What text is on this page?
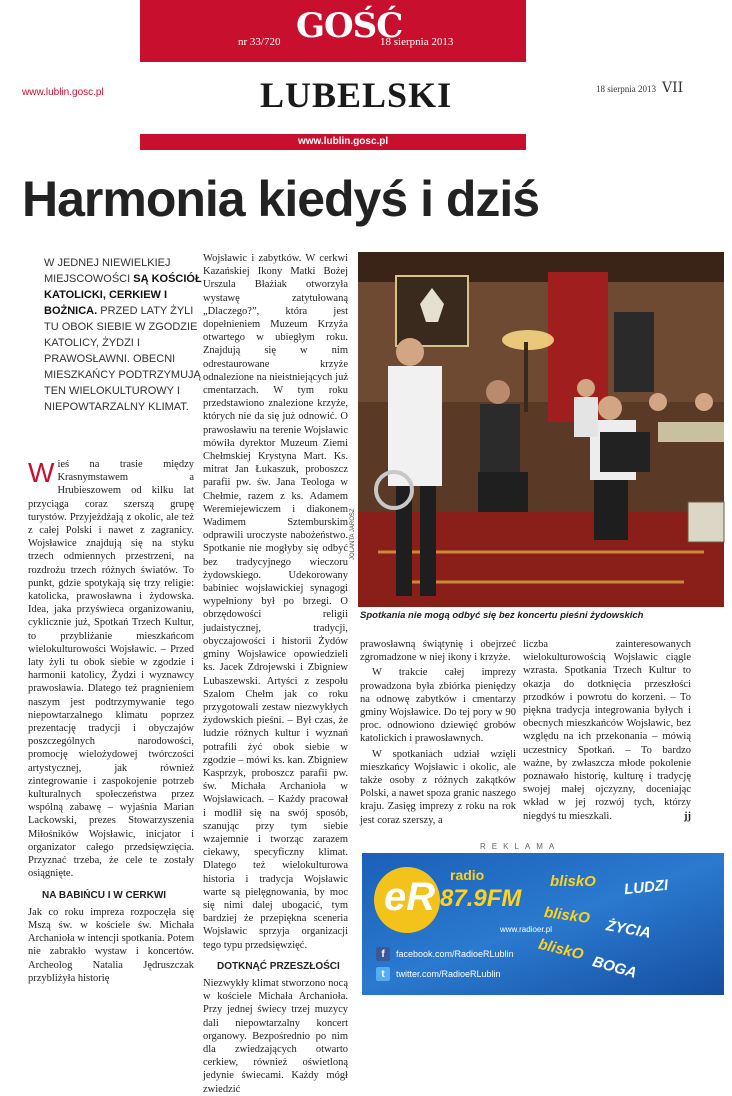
nr 33/720 GOŚĆ
18 sierpnia 2013
LUBELSKI
www.lublin.gosc.pl
www.lublin.gosc.pl	18 sierpnia 2013 VII
Harmonia kiedyś i dziś
W JEDNEJ NIEWIELKIEJ MIEJSCOWOŚCI SĄ KOŚCIÓŁ KATOLICKI, CERKIEW I BOŻNICA. PRZED LATY ŻYLI TU OBOK SIEBIE W ZGODZIE KATOLICY, ŻYDZI I PRAWOSŁAWNI. OBECNI MIESZKAŃCY PODTRZYMUJĄ TEN WIELOKULTUROWY I NIEPOWTARZALNY KLIMAT.

Wieś na trasie między Krasnymstawem a Hrubieszowem od kilku lat przyciąga coraz szerszą grupę turystów. Przyjeżdżają z okolic, ale też z całej Polski i nawet z zagranicy. Wojsławice znajdują się na styku trzech odmiennych przestrzeni, na rozdrożu trzech różnych światów. To punkt, gdzie spotykają się trzy religie: katolicka, prawosławna i żydowska. Idea, jaka przyświeca organizowaniu, cyklicznie już, Spotkań Trzech Kultur, to przybliżanie mieszkańcom wielokulturowości Wojsławic. – Przed laty żyli tu obok siebie w zgodzie i harmonii katolicy, Żydzi i wyznawcy prawosławia. Dlatego też pragnieniem naszym jest podtrzymywanie tego niepowtarzalnego klimatu poprzez prezentację tradycji i obyczajów poszczególnych narodowości, promocję wielożydowej twórczości artystycznej, jak również zintegrowanie i zaspokojenie potrzeb kulturalnych społeczeństwa przez wspólną zabawę – wyjaśnia Marian Lackowski, prezes Stowarzyszenia Miłośników Wojsławic, inicjator i organizator całego przedsięwzięcia. Przyznać trzeba, że cele te zostały osiągnięte.

NA BABIŃCU I W CERKWI

Jak co roku impreza rozpoczęła się Mszą św. w kościele św. Michała Archanioła w intencji spotkania. Potem nie zabrakło wystaw i koncertów. Archeolog Natalia Jędruszczak przybliżyła historię

Wojsławic i zabytków. W cerkwi Kazańskiej Ikony Matki Bożej Urszula Błażiak otworzyła wystawę zatytułowaną „Dlaczego?”, która jest dopełnieniem Muzeum Krzyża otwartego w ubiegłym roku. Znajdują się w nim odrestaurowane krzyże odnalezione na nieistniejących już cmentarzach. W tym roku przedstawiono znalezione krzyże, których nie da się już odnowić. O prawosławiu na terenie Wojsławic mówiła dyrektor Muzeum Ziemi Chełmskiej Krystyna Mart. Ks. mitrat Jan Łukaszuk, proboszcz parafii pw. św. Jana Teologa w Chełmie, razem z ks. Adamem Weremiejewiczem i diakonem Wadimem Sztemburskim odprawili uroczyste nabożeństwo. Spotkanie nie mogłyby się odbyć bez tradycyjnego wieczoru żydowskiego. Udekorowany babiniec wojsławickiej synagogi wypełniony był po brzegi. O obrzędowości religii judaistycznej, tradycji, obyczajowości i historii Żydów gminy Wojsławice opowiedzieli ks. Jacek Zdrojewski i Zbigniew Lubaszewski. Artyści z zespołu Szalom Chełm jak co roku przygotowali zestaw niezwykłych żydowskich pieśni. – Był czas, że ludzie różnych kultur i wyznań potrafili żyć obok siebie w zgodzie – mówi ks. kan. Zbigniew Kasprzyk, proboszcz parafii pw. św. Michała Archanioła w Wojsławicach. – Każdy pracował i modlił się na swój sposób, szanując przy tym siebie wzajemnie i tworząc zarazem ciekawy, specyficzny klimat. Dlatego też wielokulturowa historia i tradycja Wojsławic warte są pielęgnowania, by moc się nimi dalej ubogacić, tym bardziej że przepiękna sceneria Wojsławic sprzyja organizacji tego typu przedsięwzięć.

DOTKNĄĆ PRZESZŁOŚCI

Niezwykły klimat stworzono nocą w kościele Michała Archanioła. Przy jednej świecy trzej muzycy dali niepowtarzalny koncert organowy. Bezpośrednio po nim dla zwiedzających otwarto cerkiew, również oświetloną jedynie świecami. Każdy mógł zwiedzić

JOLANTA JAROSZ
Spotkania nie mogą odbyć się bez koncertu pieśni żydowskich

prawosławną świątynię i obejrzeć zgromadzone w niej ikony i krzyże.

W trakcie całej imprezy prowadzona była zbiórka pieniędzy na odnowę zabytków i cmentarzy gminy Wojsławice. Do tej pory w 90 proc. odnowiono dziewięć grobów katolickich i prawosławnych.

W spotkaniach udział wzięli mieszkańcy Wojsławic i okolic, ale także osoby z różnych zakątków Polski, a nawet spoza granic naszego kraju. Zasięg imprezy z roku na rok jest coraz szerszy, a

liczba zainteresowanych wielokulturowością Wojsławic ciągle wzrasta. Spotkania Trzech Kultur to okazja do dotknięcia przeszłości przodków i powrotu do korzeni. – To piękna tradycja integrowania byłych i obecnych mieszkańców Wojsławic, bez względu na ich przekonania – mówią uczestnicy Spotkań. – To bardzo ważne, by zwłaszcza młode pokolenie poznawało historię, kulturę i tradycję swojej małej ojczyzny, doceniając wkład w jej rozwój tych, którzy niegdyś tu mieszkali.	jj

REKLAMA
eR radio
87.9FM
bliskO LUDZI
bliskO
ŻYCIA
bliskO
BOGA
www.radioer.pl
f	facebook.com/RadioeRLublin
t	twitter.com/RadioeRLublin
